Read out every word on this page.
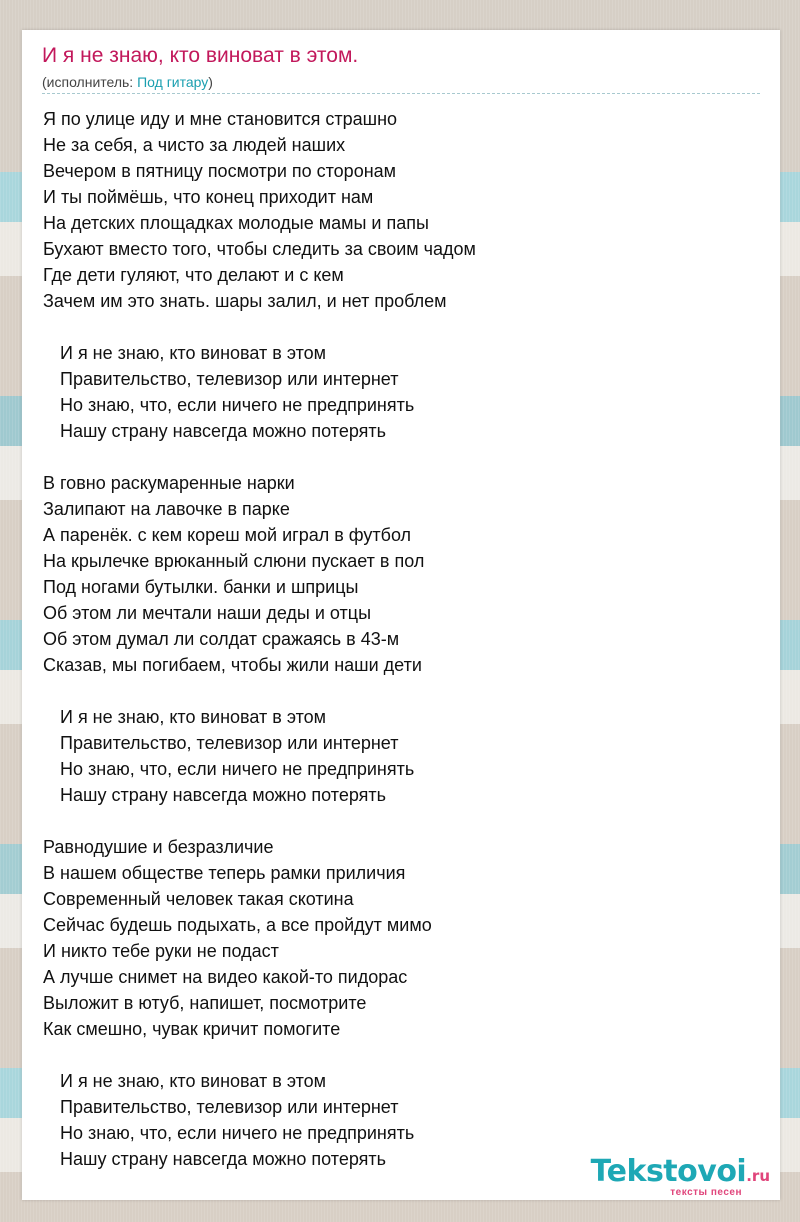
И я не знаю, кто виноват в этом.
(исполнитель: Под гитару)
Я по улице иду и мне становится страшно
Не за себя, а чисто за людей наших
Вечером в пятницу посмотри по сторонам
И ты поймёшь, что конец приходит нам
На детских площадках молодые мамы и папы
Бухают вместо того, чтобы следить за своим чадом
Где дети гуляют, что делают и с кем
Зачем им это знать. шары залил, и нет проблем
И я не знаю, кто виноват в этом
Правительство, телевизор или интернет
Но знаю, что, если ничего не предпринять
Нашу страну навсегда можно потерять
В говно раскумаренные нарки
Залипают на лавочке в парке
А паренёк. с кем кореш мой играл в футбол
На крылечке врюканный слюни пускает в пол
Под ногами бутылки. банки и шприцы
Об этом ли мечтали наши деды и отцы
Об этом думал ли солдат сражаясь в 43-м
Сказав, мы погибаем, чтобы жили наши дети
И я не знаю, кто виноват в этом
Правительство, телевизор или интернет
Но знаю, что, если ничего не предпринять
Нашу страну навсегда можно потерять
Равнодушие и безразличие
В нашем обществе теперь рамки приличия
Современный человек такая скотина
Сейчас будешь подыхать, а все пройдут мимо
И никто тебе руки не подаст
А лучше снимет на видео какой-то пидорас
Выложит в ютуб, напишет, посмотрите
Как смешно, чувак кричит помогите
И я не знаю, кто виноват в этом
Правительство, телевизор или интернет
Но знаю, что, если ничего не предпринять
Нашу страну навсегда можно потерять	Tekstovoi.ru
тексты песен
